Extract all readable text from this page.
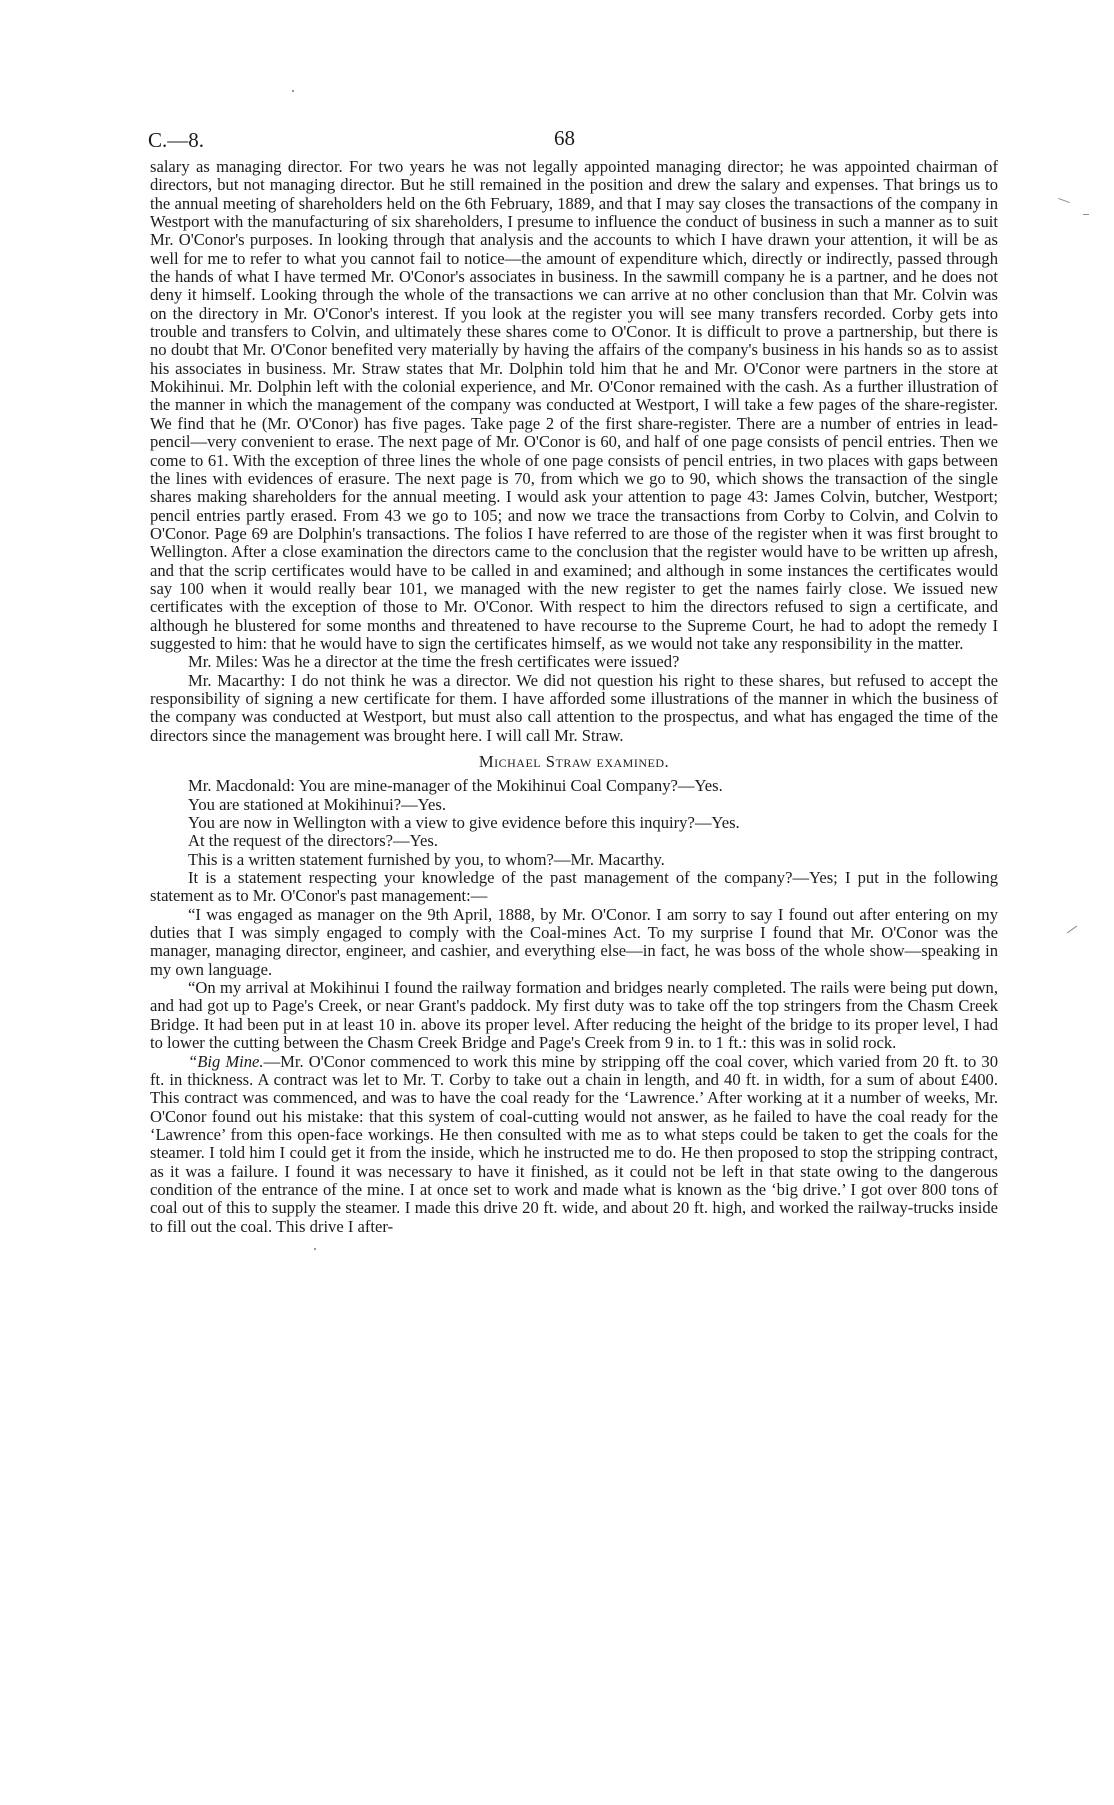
C.—8.	68

salary as managing director. For two years he was not legally appointed managing director; he was appointed chairman of directors, but not managing director. But he still remained in the position and drew the salary and expenses. That brings us to the annual meeting of shareholders held on the 6th February, 1889, and that I may say closes the transactions of the company in Westport with the manufacturing of six shareholders, I presume to influence the conduct of business in such a manner as to suit Mr. O'Conor's purposes. In looking through that analysis and the accounts to which I have drawn your attention, it will be as well for me to refer to what you cannot fail to notice—the amount of expenditure which, directly or indirectly, passed through the hands of what I have termed Mr. O'Conor's associates in business. In the sawmill company he is a partner, and he does not deny it himself. Looking through the whole of the transactions we can arrive at no other conclusion than that Mr. Colvin was on the directory in Mr. O'Conor's interest. If you look at the register you will see many transfers recorded. Corby gets into trouble and transfers to Colvin, and ultimately these shares come to O'Conor. It is difficult to prove a partnership, but there is no doubt that Mr. O'Conor benefited very materially by having the affairs of the company's business in his hands so as to assist his associates in business. Mr. Straw states that Mr. Dolphin told him that he and Mr. O'Conor were partners in the store at Mokihinui. Mr. Dolphin left with the colonial experience, and Mr. O'Conor remained with the cash. As a further illustration of the manner in which the management of the company was conducted at Westport, I will take a few pages of the share-register. We find that he (Mr. O'Conor) has five pages. Take page 2 of the first share-register. There are a number of entries in lead-pencil—very convenient to erase. The next page of Mr. O'Conor is 60, and half of one page consists of pencil entries. Then we come to 61. With the exception of three lines the whole of one page consists of pencil entries, in two places with gaps between the lines with evidences of erasure. The next page is 70, from which we go to 90, which shows the transaction of the single shares making shareholders for the annual meeting. I would ask your attention to page 43: James Colvin, butcher, Westport; pencil entries partly erased. From 43 we go to 105; and now we trace the transactions from Corby to Colvin, and Colvin to O'Conor. Page 69 are Dolphin's transactions. The folios I have referred to are those of the register when it was first brought to Wellington. After a close examination the directors came to the conclusion that the register would have to be written up afresh, and that the scrip certificates would have to be called in and examined; and although in some instances the certificates would say 100 when it would really bear 101, we managed with the new register to get the names fairly close. We issued new certificates with the exception of those to Mr. O'Conor. With respect to him the directors refused to sign a certificate, and although he blustered for some months and threatened to have recourse to the Supreme Court, he had to adopt the remedy I suggested to him: that he would have to sign the certificates himself, as we would not take any responsibility in the matter.

Mr. Miles: Was he a director at the time the fresh certificates were issued?

Mr. Macarthy: I do not think he was a director. We did not question his right to these shares, but refused to accept the responsibility of signing a new certificate for them. I have afforded some illustrations of the manner in which the business of the company was conducted at Westport, but must also call attention to the prospectus, and what has engaged the time of the directors since the management was brought here. I will call Mr. Straw.

Michael Straw examined.

Mr. Macdonald: You are mine-manager of the Mokihinui Coal Company?—Yes.

You are stationed at Mokihinui?—Yes.

You are now in Wellington with a view to give evidence before this inquiry?—Yes.

At the request of the directors?—Yes.

This is a written statement furnished by you, to whom?—Mr. Macarthy.

It is a statement respecting your knowledge of the past management of the company?—Yes; I put in the following statement as to Mr. O'Conor's past management:—

“I was engaged as manager on the 9th April, 1888, by Mr. O'Conor. I am sorry to say I found out after entering on my duties that I was simply engaged to comply with the Coal-mines Act. To my surprise I found that Mr. O'Conor was the manager, managing director, engineer, and cashier, and everything else—in fact, he was boss of the whole show—speaking in my own language.

“On my arrival at Mokihinui I found the railway formation and bridges nearly completed. The rails were being put down, and had got up to Page's Creek, or near Grant's paddock. My first duty was to take off the top stringers from the Chasm Creek Bridge. It had been put in at least 10 in. above its proper level. After reducing the height of the bridge to its proper level, I had to lower the cutting between the Chasm Creek Bridge and Page's Creek from 9 in. to 1 ft.: this was in solid rock.

“Big Mine.—Mr. O'Conor commenced to work this mine by stripping off the coal cover, which varied from 20 ft. to 30 ft. in thickness. A contract was let to Mr. T. Corby to take out a chain in length, and 40 ft. in width, for a sum of about £400. This contract was commenced, and was to have the coal ready for the ‘Lawrence.’ After working at it a number of weeks, Mr. O'Conor found out his mistake: that this system of coal-cutting would not answer, as he failed to have the coal ready for the ‘Lawrence’ from this open-face workings. He then consulted with me as to what steps could be taken to get the coals for the steamer. I told him I could get it from the inside, which he instructed me to do. He then proposed to stop the stripping contract, as it was a failure. I found it was necessary to have it finished, as it could not be left in that state owing to the dangerous condition of the entrance of the mine. I at once set to work and made what is known as the ‘big drive.’ I got over 800 tons of coal out of this to supply the steamer. I made this drive 20 ft. wide, and about 20 ft. high, and worked the railway-trucks inside to fill out the coal. This drive I after-
